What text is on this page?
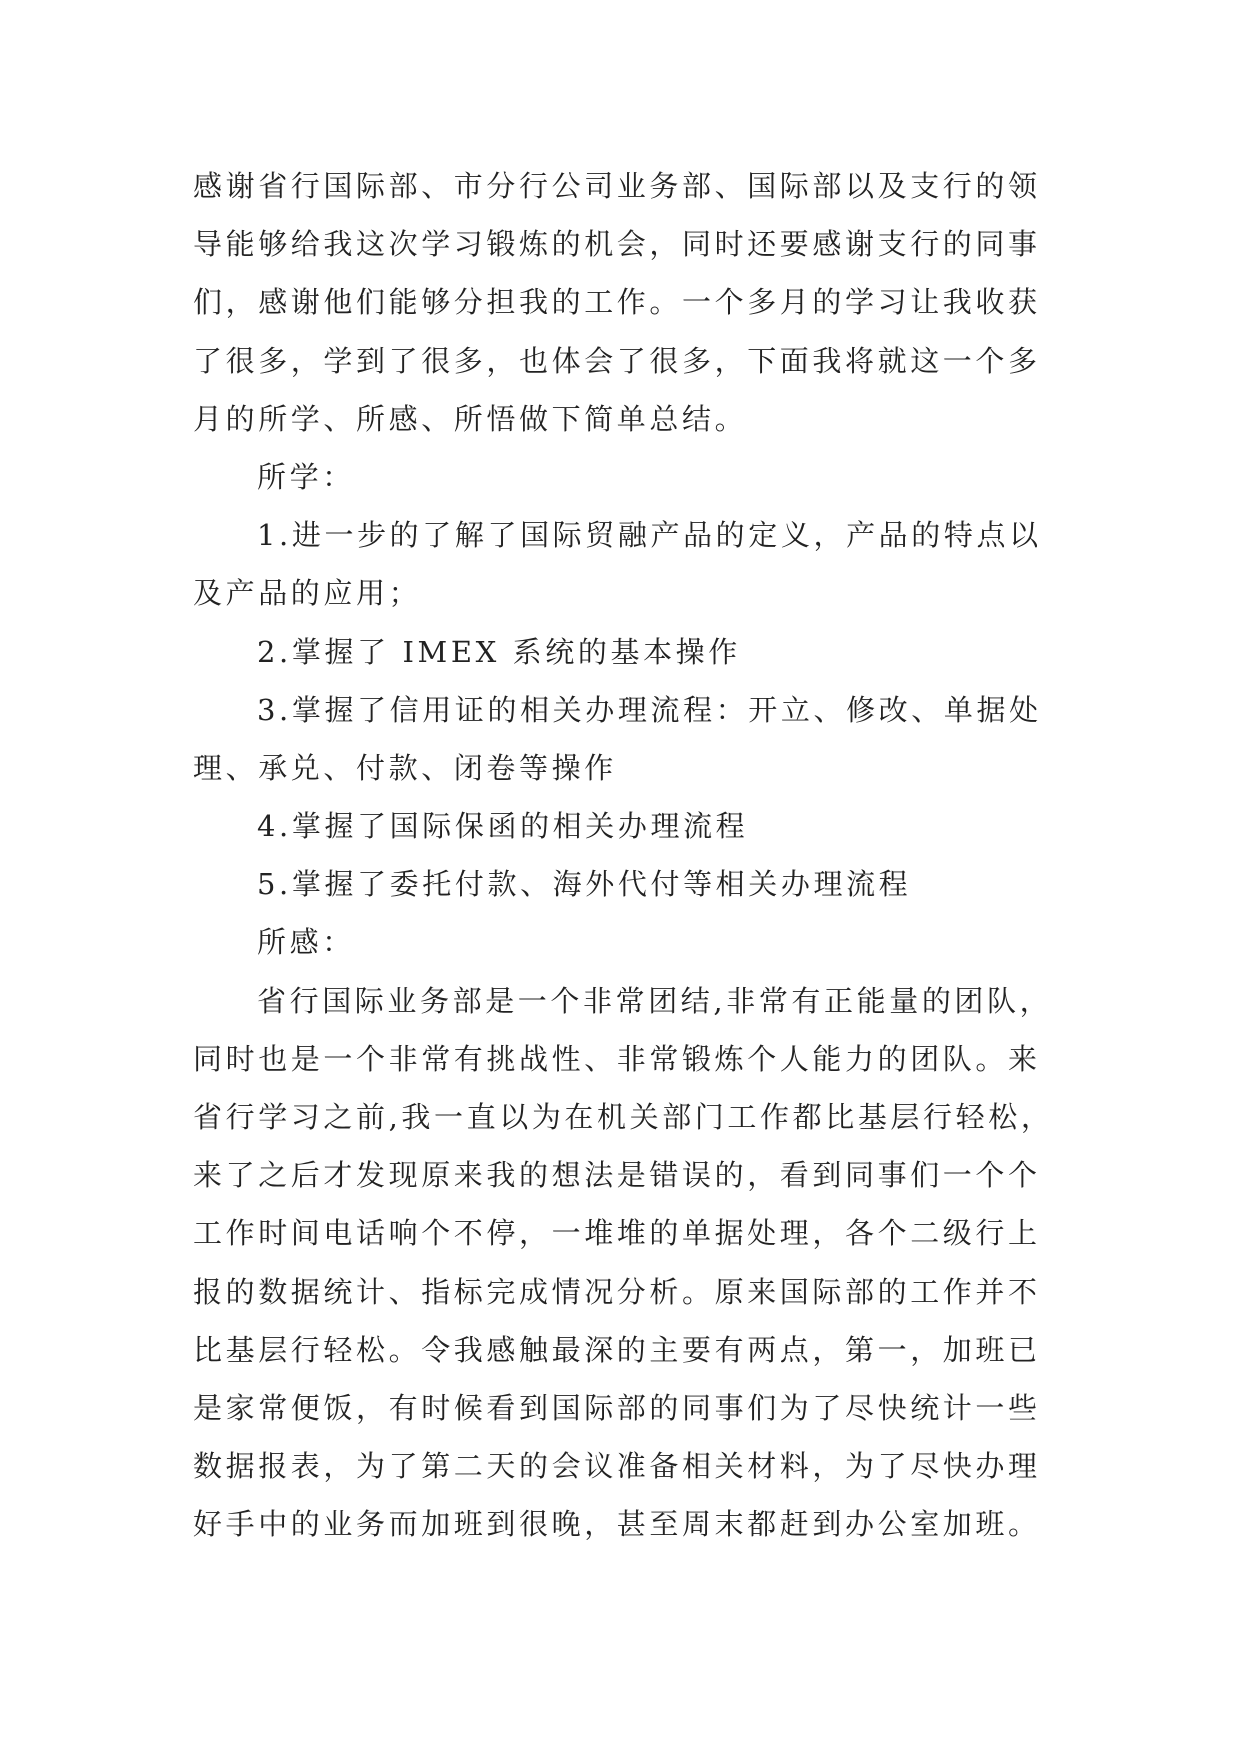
感谢省行国际部、市分行公司业务部、国际部以及支行的领
导能够给我这次学习锻炼的机会，同时还要感谢支行的同事
们，感谢他们能够分担我的工作。一个多月的学习让我收获
了很多，学到了很多，也体会了很多，下面我将就这一个多
月的所学、所感、所悟做下简单总结。
所学：
1.进一步的了解了国际贸融产品的定义，产品的特点以
及产品的应用；
2.掌握了 IMEX 系统的基本操作
3.掌握了信用证的相关办理流程：开立、修改、单据处
理、承兑、付款、闭卷等操作
4.掌握了国际保函的相关办理流程
5.掌握了委托付款、海外代付等相关办理流程
所感：
省行国际业务部是一个非常团结,非常有正能量的团队，
同时也是一个非常有挑战性、非常锻炼个人能力的团队。来
省行学习之前,我一直以为在机关部门工作都比基层行轻松，
来了之后才发现原来我的想法是错误的，看到同事们一个个
工作时间电话响个不停，一堆堆的单据处理，各个二级行上
报的数据统计、指标完成情况分析。原来国际部的工作并不
比基层行轻松。令我感触最深的主要有两点，第一，加班已
是家常便饭，有时候看到国际部的同事们为了尽快统计一些
数据报表，为了第二天的会议准备相关材料，为了尽快办理
好手中的业务而加班到很晚，甚至周末都赶到办公室加班。
